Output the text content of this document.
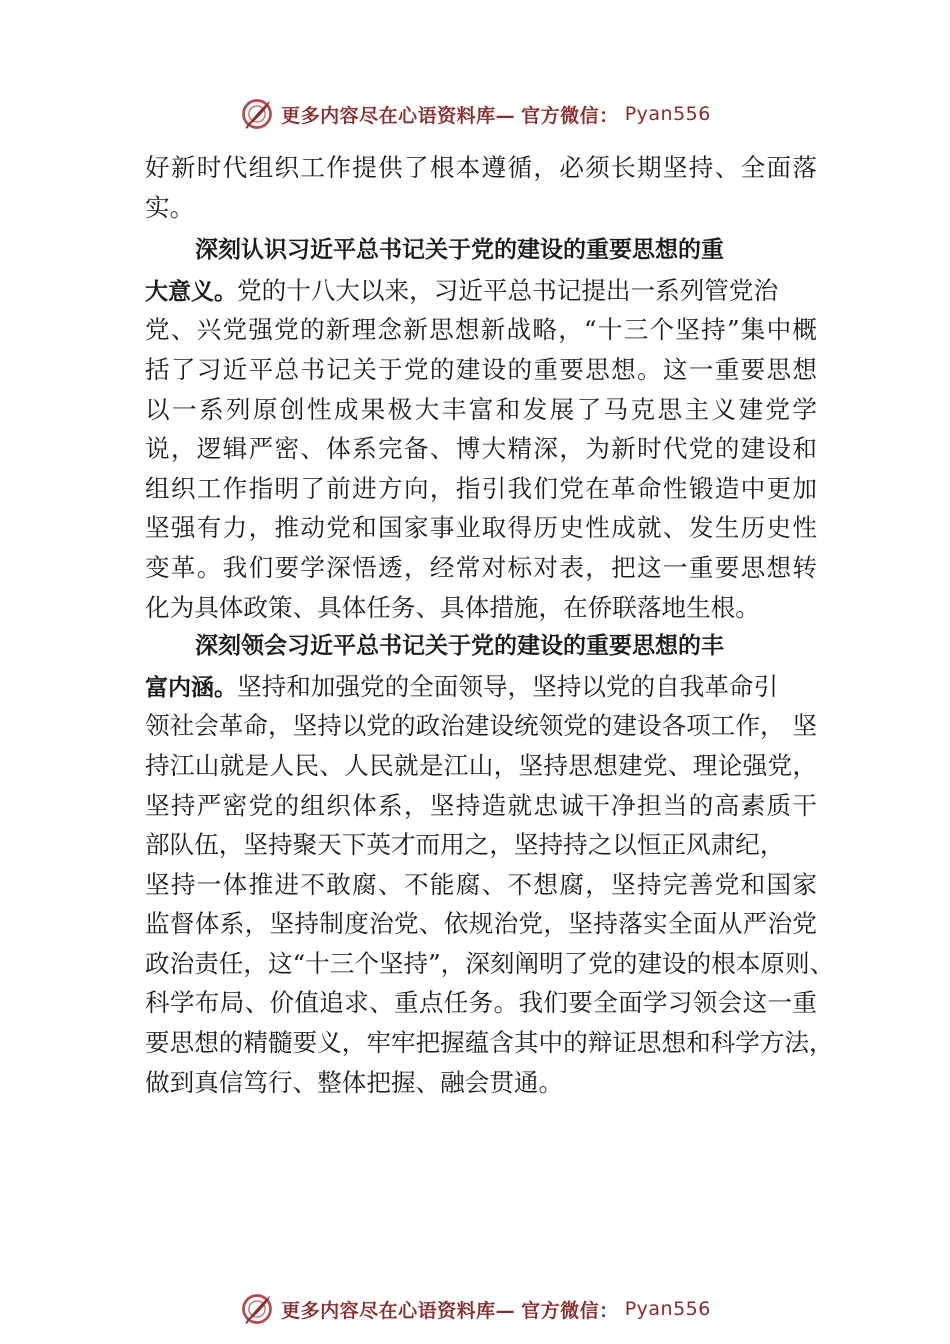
更多内容尽在心语资料库— 官方微信： Pyan556
好新时代组织工作提供了根本遵循，必须长期坚持、全面落
实。
深刻认识习近平总书记关于党的建设的重要思想的重
大意义。党的十八大以来，习近平总书记提出一系列管党治
党、兴党强党的新理念新思想新战略，“十三个坚持”集中概
括了习近平总书记关于党的建设的重要思想。这一重要思想
以一系列原创性成果极大丰富和发展了马克思主义建党学
说，逻辑严密、体系完备、博大精深，为新时代党的建设和
组织工作指明了前进方向，指引我们党在革命性锻造中更加
坚强有力，推动党和国家事业取得历史性成就、发生历史性
变革。我们要学深悟透，经常对标对表，把这一重要思想转
化为具体政策、具体任务、具体措施，在侨联落地生根。
深刻领会习近平总书记关于党的建设的重要思想的丰
富内涵。坚持和加强党的全面领导，坚持以党的自我革命引
领社会革命，坚持以党的政治建设统领党的建设各项工作， 坚
持江山就是人民、人民就是江山，坚持思想建党、理论强党，
坚持严密党的组织体系，坚持造就忠诚干净担当的高素质干
部队伍，坚持聚天下英才而用之，坚持持之以恒正风肃纪，
坚持一体推进不敢腐、不能腐、不想腐，坚持完善党和国家
监督体系，坚持制度治党、依规治党，坚持落实全面从严治党
政治责任，这“十三个坚持”，深刻阐明了党的建设的根本原则、
科学布局、价值追求、重点任务。我们要全面学习领会这一重
要思想的精髓要义，牢牢把握蕴含其中的辩证思想和科学方法，
做到真信笃行、整体把握、融会贯通。
更多内容尽在心语资料库— 官方微信： Pyan556
